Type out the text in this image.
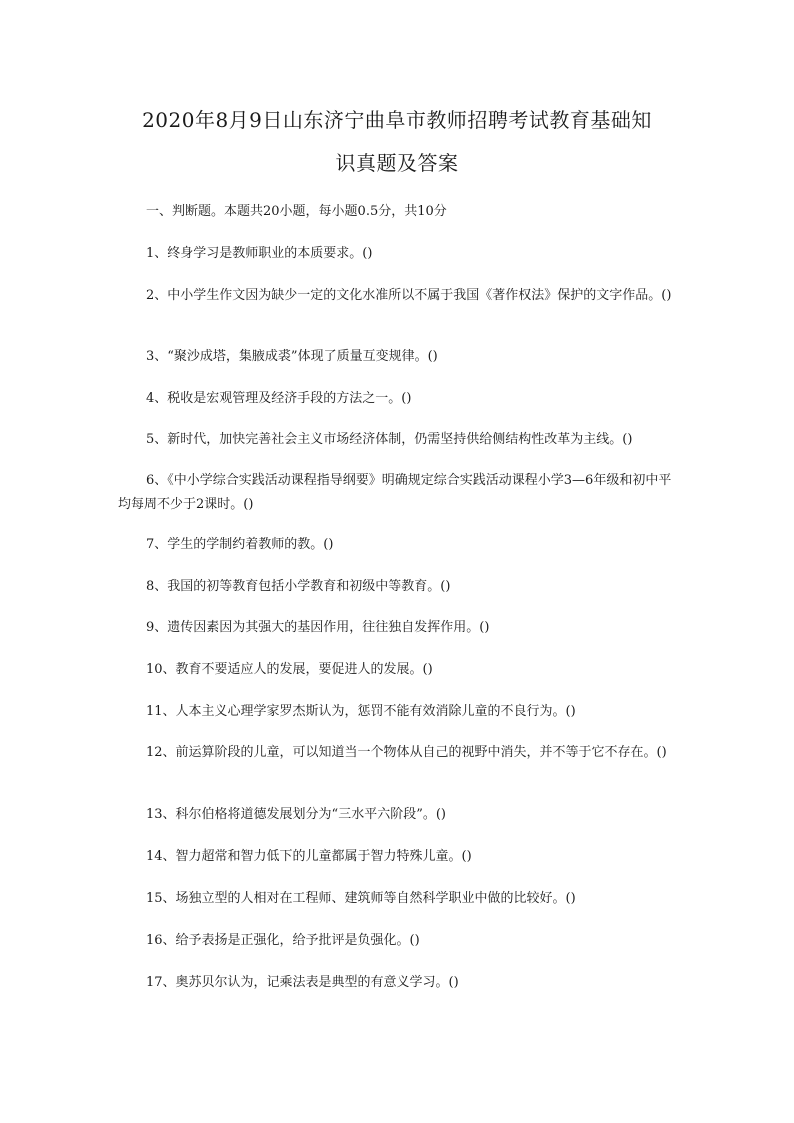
2020年8月9日山东济宁曲阜市教师招聘考试教育基础知
识真题及答案
一、判断题。本题共20小题，每小题0.5分，共10分
1、终身学习是教师职业的本质要求。()
2、中小学生作文因为缺少一定的文化水准所以不属于我国《著作权法》保护的文字作品。()
3、“聚沙成塔，集腋成裘”体现了质量互变规律。()
4、税收是宏观管理及经济手段的方法之一。()
5、新时代，加快完善社会主义市场经济体制，仍需坚持供给侧结构性改革为主线。()
6、《中小学综合实践活动课程指导纲要》明确规定综合实践活动课程小学3—6年级和初中平均每周不少于2课时。()
7、学生的学制约着教师的教。()
8、我国的初等教育包括小学教育和初级中等教育。()
9、遗传因素因为其强大的基因作用，往往独自发挥作用。()
10、教育不要适应人的发展，要促进人的发展。()
11、人本主义心理学家罗杰斯认为，惩罚不能有效消除儿童的不良行为。()
12、前运算阶段的儿童，可以知道当一个物体从自己的视野中消失，并不等于它不存在。()
13、科尔伯格将道德发展划分为“三水平六阶段”。()
14、智力超常和智力低下的儿童都属于智力特殊儿童。()
15、场独立型的人相对在工程师、建筑师等自然科学职业中做的比较好。()
16、给予表扬是正强化，给予批评是负强化。()
17、奥苏贝尔认为，记乘法表是典型的有意义学习。()
